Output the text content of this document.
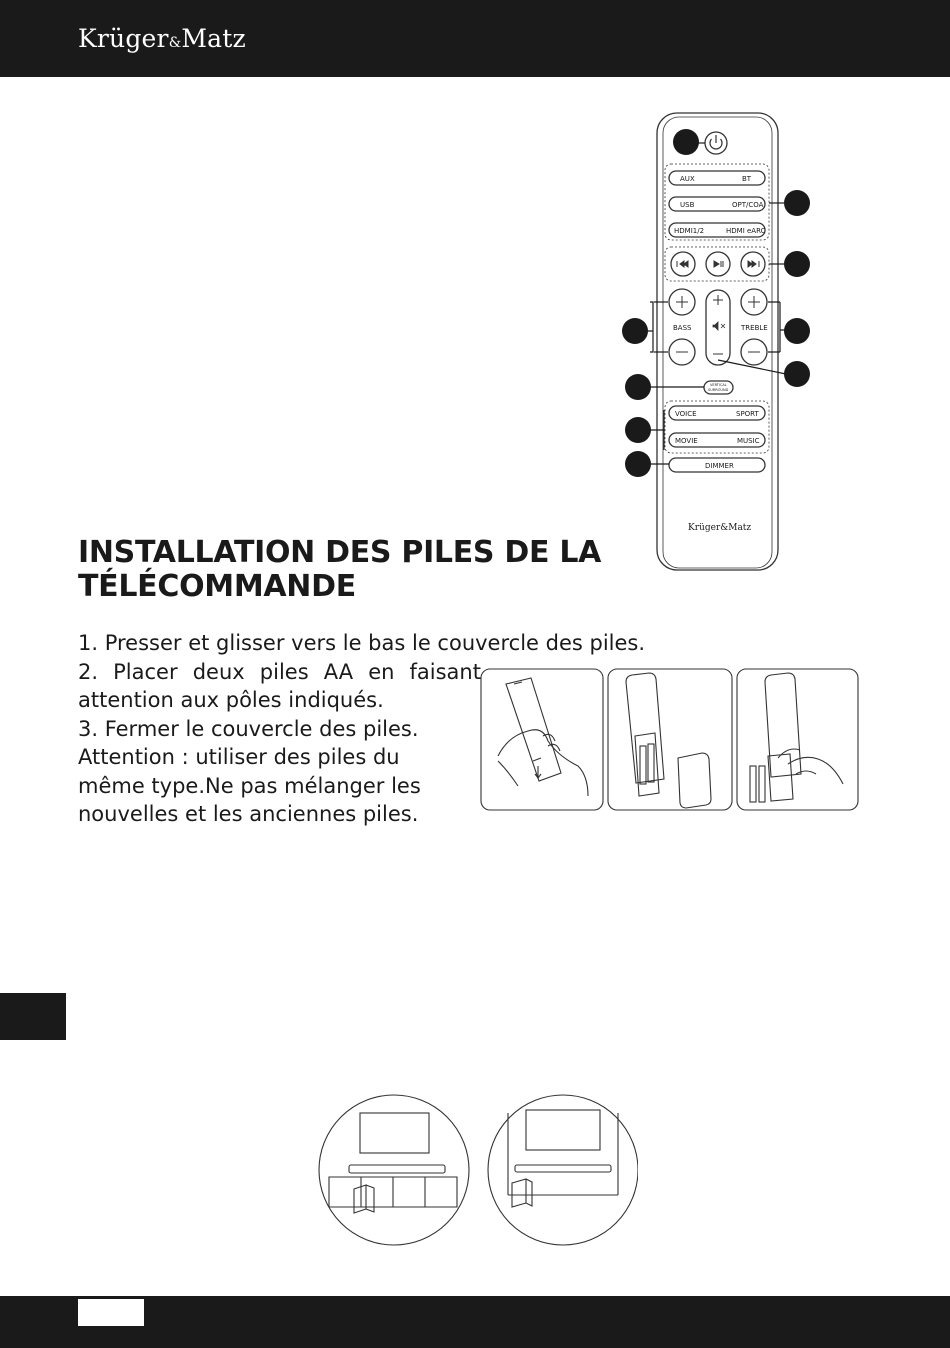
Krüger&Matz
AUX	BT
USB	OPT/COA
HDMI1/2	HDMI eARC
BASS	TREBLE
VERTICAL
SURROUND
VOICE	SPORT
MOVIE	MUSIC
DIMMER
Krüger&Matz
INSTALLATION DES PILES DE LA
TÉLÉCOMMANDE
1. Presser et glisser vers le bas le couvercle des piles.
2. Placer deux piles AA en faisant
attention aux pôles indiqués.
3. Fermer le couvercle des piles.
Attention : utiliser des piles du
même type.Ne pas mélanger les
nouvelles et les anciennes piles.
